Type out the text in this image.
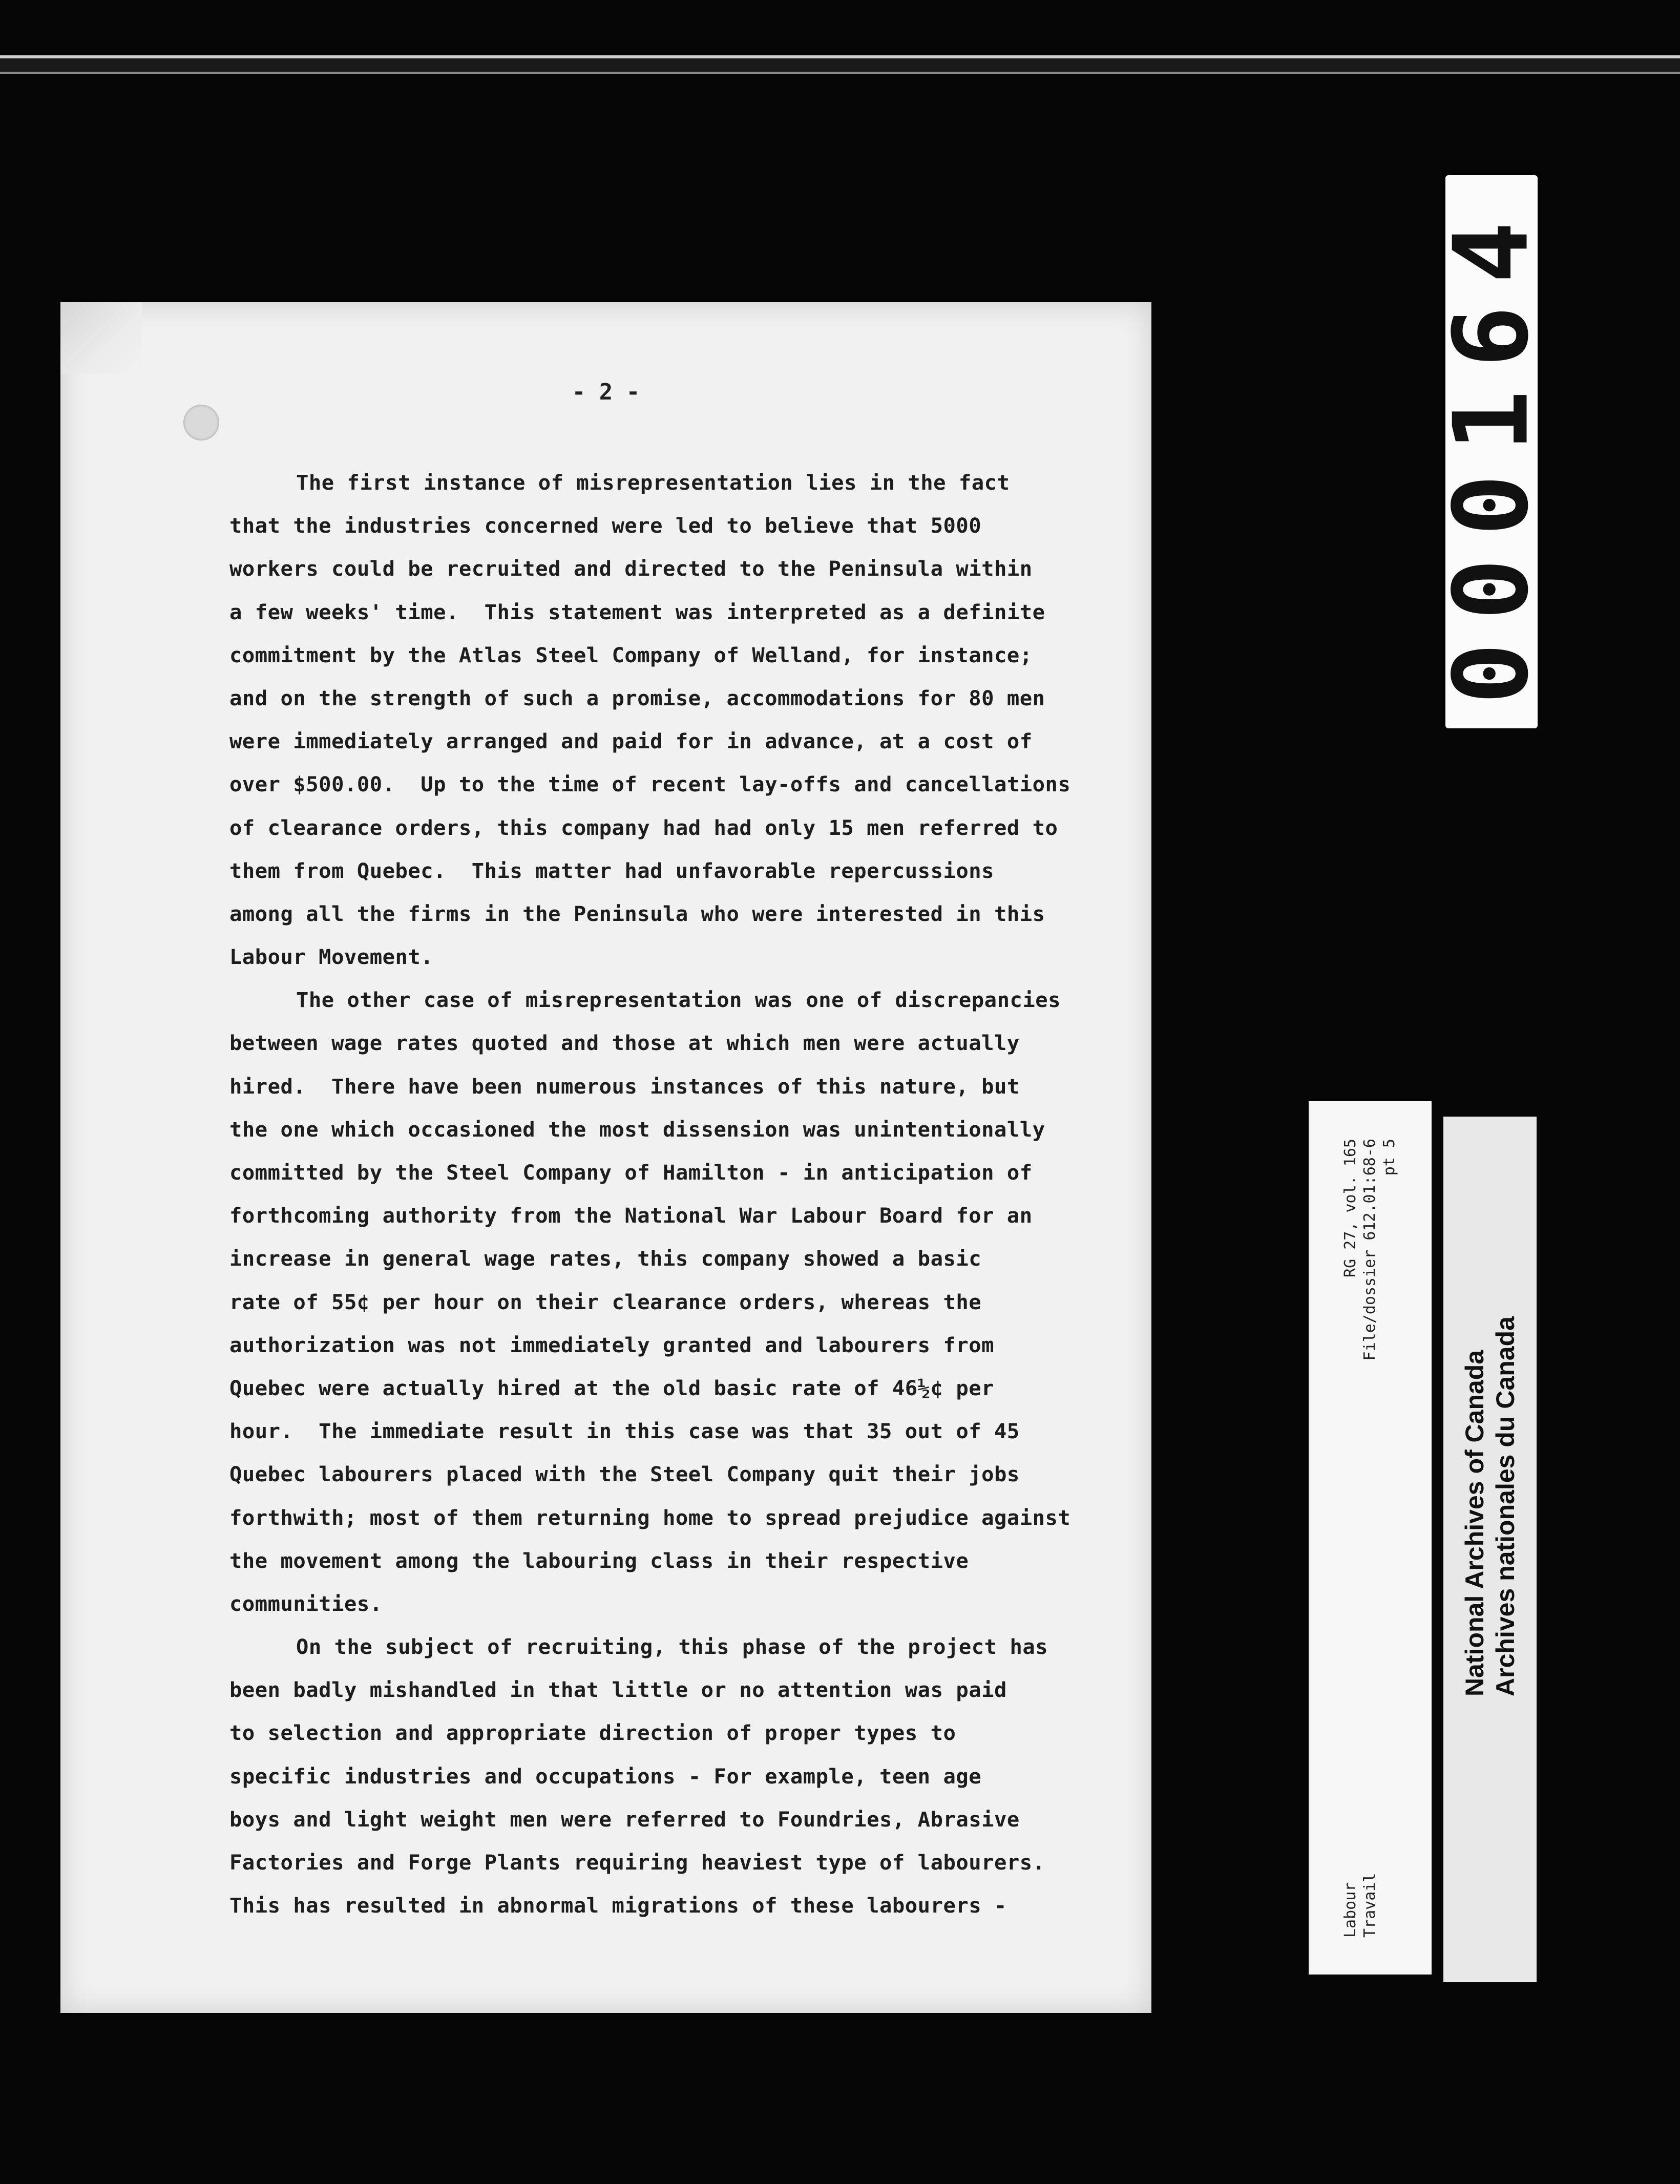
- 2 -
The first instance of misrepresentation lies in the fact
that the industries concerned were led to believe that 5000
workers could be recruited and directed to the Peninsula within
a few weeks' time.  This statement was interpreted as a definite
commitment by the Atlas Steel Company of Welland, for instance;
and on the strength of such a promise, accommodations for 80 men
were immediately arranged and paid for in advance, at a cost of
over $500.00.  Up to the time of recent lay-offs and cancellations
of clearance orders, this company had had only 15 men referred to
them from Quebec.  This matter had unfavorable repercussions
among all the firms in the Peninsula who were interested in this
Labour Movement.
The other case of misrepresentation was one of discrepancies
between wage rates quoted and those at which men were actually
hired.  There have been numerous instances of this nature, but
the one which occasioned the most dissension was unintentionally
committed by the Steel Company of Hamilton - in anticipation of
forthcoming authority from the National War Labour Board for an
increase in general wage rates, this company showed a basic
rate of 55¢ per hour on their clearance orders, whereas the
authorization was not immediately granted and labourers from
Quebec were actually hired at the old basic rate of 46½¢ per
hour.  The immediate result in this case was that 35 out of 45
Quebec labourers placed with the Steel Company quit their jobs
forthwith; most of them returning home to spread prejudice against
the movement among the labouring class in their respective
communities.
On the subject of recruiting, this phase of the project has
been badly mishandled in that little or no attention was paid
to selection and appropriate direction of proper types to
specific industries and occupations - For example, teen age
boys and light weight men were referred to Foundries, Abrasive
Factories and Forge Plants requiring heaviest type of labourers.
This has resulted in abnormal migrations of these labourers -
000164
Labour
RG 27, vol. 165
Travail
File/dossier 612.01:68-6 pt 5
National Archives of Canada Archives nationales du Canada
